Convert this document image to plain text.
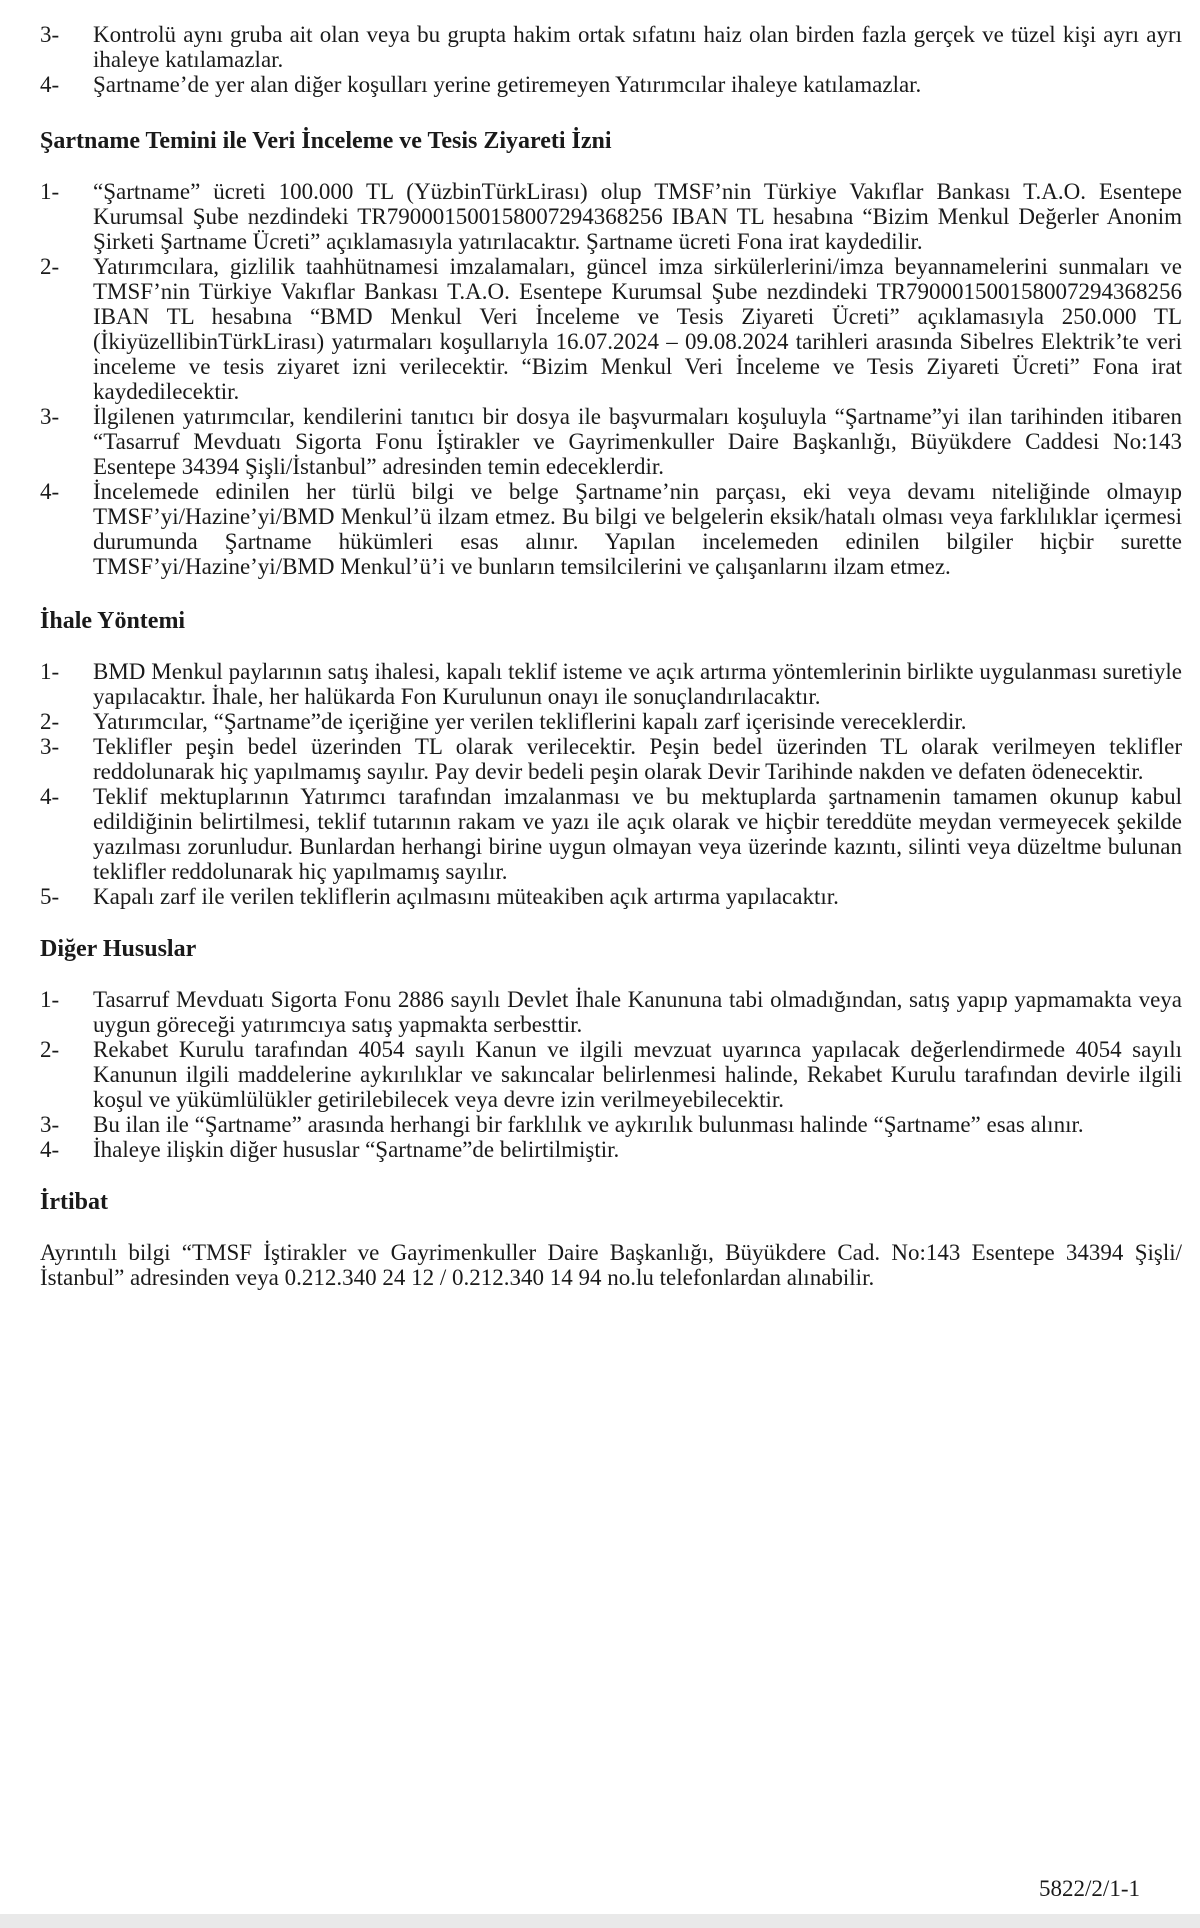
3-	Kontrolü aynı gruba ait olan veya bu grupta hakim ortak sıfatını haiz olan birden fazla gerçek ve tüzel kişi ayrı ayrı ihaleye katılamazlar.
4-	Şartname’de yer alan diğer koşulları yerine getiremeyen Yatırımcılar ihaleye katılamazlar.
Şartname Temini ile Veri İnceleme ve Tesis Ziyareti İzni
1-	“Şartname” ücreti 100.000 TL (YüzbinTürkLirası) olup TMSF’nin Türkiye Vakıflar Bankası T.A.O. Esentepe Kurumsal Şube nezdindeki TR790001500158007294368256 IBAN TL hesabına “Bizim Menkul Değerler Anonim Şirketi Şartname Ücreti” açıklamasıyla yatırılacaktır. Şartname ücreti Fona irat kaydedilir.
2-	Yatırımcılara, gizlilik taahhütnamesi imzalamaları, güncel imza sirkülerlerini/imza beyannamelerini sunmaları ve TMSF’nin Türkiye Vakıflar Bankası T.A.O. Esentepe Kurumsal Şube nezdindeki TR790001500158007294368256 IBAN TL hesabına “BMD Menkul Veri İnceleme ve Tesis Ziyareti Ücreti” açıklamasıyla 250.000 TL (İkiyüzellibinTürkLirası) yatırmaları koşullarıyla 16.07.2024 – 09.08.2024 tarihleri arasında Sibelres Elektrik’te veri inceleme ve tesis ziyaret izni verilecektir. “Bizim Menkul Veri İnceleme ve Tesis Ziyareti Ücreti” Fona irat kaydedilecektir.
3-	İlgilenen yatırımcılar, kendilerini tanıtıcı bir dosya ile başvurmaları koşuluyla “Şartname”yi ilan tarihinden itibaren “Tasarruf Mevduatı Sigorta Fonu İştirakler ve Gayrimenkuller Daire Başkanlığı, Büyükdere Caddesi No:143 Esentepe 34394 Şişli/İstanbul” adresinden temin edeceklerdir.
4-	İncelemede edinilen her türlü bilgi ve belge Şartname’nin parçası, eki veya devamı niteliğinde olmayıp TMSF’yi/Hazine’yi/BMD Menkul’ü ilzam etmez. Bu bilgi ve belgelerin eksik/hatalı olması veya farklılıklar içermesi durumunda Şartname hükümleri esas alınır. Yapılan incelemeden edinilen bilgiler hiçbir surette TMSF’yi/Hazine’yi/BMD Menkul’ü’i ve bunların temsilcilerini ve çalışanlarını ilzam etmez.
İhale Yöntemi
1-	BMD Menkul paylarının satış ihalesi, kapalı teklif isteme ve açık artırma yöntemlerinin birlikte uygulanması suretiyle yapılacaktır. İhale, her halükarda Fon Kurulunun onayı ile sonuçlandırılacaktır.
2-	Yatırımcılar, “Şartname”de içeriğine yer verilen tekliflerini kapalı zarf içerisinde vereceklerdir.
3-	Teklifler peşin bedel üzerinden TL olarak verilecektir. Peşin bedel üzerinden TL olarak verilmeyen teklifler reddolunarak hiç yapılmamış sayılır. Pay devir bedeli peşin olarak Devir Tarihinde nakden ve defaten ödenecektir.
4-	Teklif mektuplarının Yatırımcı tarafından imzalanması ve bu mektuplarda şartnamenin tamamen okunup kabul edildiğinin belirtilmesi, teklif tutarının rakam ve yazı ile açık olarak ve hiçbir tereddüte meydan vermeyecek şekilde yazılması zorunludur. Bunlardan herhangi birine uygun olmayan veya üzerinde kazıntı, silinti veya düzeltme bulunan teklifler reddolunarak hiç yapılmamış sayılır.
5-	Kapalı zarf ile verilen tekliflerin açılmasını müteakiben açık artırma yapılacaktır.
Diğer Hususlar
1-	Tasarruf Mevduatı Sigorta Fonu 2886 sayılı Devlet İhale Kanununa tabi olmadığından, satış yapıp yapmamakta veya uygun göreceği yatırımcıya satış yapmakta serbesttir.
2-	Rekabet Kurulu tarafından 4054 sayılı Kanun ve ilgili mevzuat uyarınca yapılacak değerlendirmede 4054 sayılı Kanunun ilgili maddelerine aykırılıklar ve sakıncalar belirlenmesi halinde, Rekabet Kurulu tarafından devirle ilgili koşul ve yükümlülükler getirilebilecek veya devre izin verilmeyebilecektir.
3-	Bu ilan ile “Şartname” arasında herhangi bir farklılık ve aykırılık bulunması halinde “Şartname” esas alınır.
4-	İhaleye ilişkin diğer hususlar “Şartname”de belirtilmiştir.
İrtibat

Ayrıntılı bilgi “TMSF İştirakler ve Gayrimenkuller Daire Başkanlığı, Büyükdere Cad. No:143 Esentepe 34394 Şişli/İstanbul” adresinden veya 0.212.340 24 12 / 0.212.340 14 94 no.lu telefonlardan alınabilir.

5822/2/1-1
